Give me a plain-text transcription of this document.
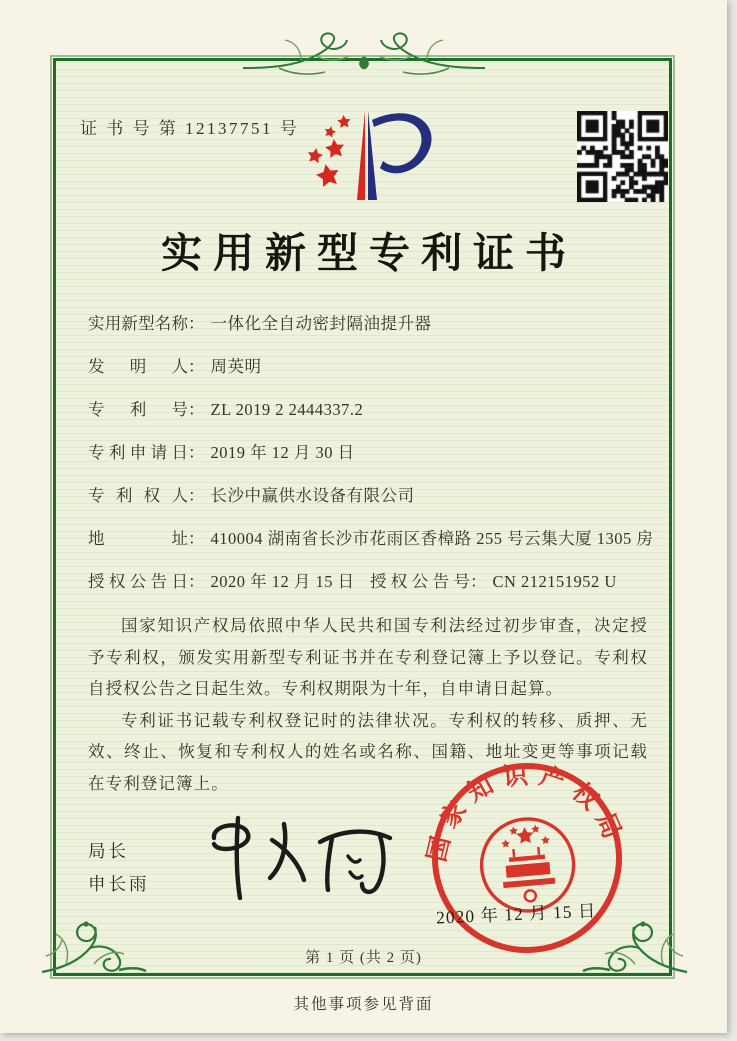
证 书 号 第 12137751 号
实用新型专利证书
实用新型名称： 一体化全自动密封隔油提升器
发明人： 周英明
专利号： ZL 2019 2 2444337.2
专利申请日： 2019 年 12 月 30 日
专利权人： 长沙中赢供水设备有限公司
地址： 410004 湖南省长沙市花雨区香樟路 255 号云集大厦 1305 房
授权公告日： 2020 年 12 月 15 日 授权公告号： CN 212151952 U

国家知识产权局依照中华人民共和国专利法经过初步审查，决定授予专利权，颁发实用新型专利证书并在专利登记簿上予以登记。专利权自授权公告之日起生效。专利权期限为十年，自申请日起算。

专利证书记载专利权登记时的法律状况。专利权的转移、质押、无效、终止、恢复和专利权人的姓名或名称、国籍、地址变更等事项记载在专利登记簿上。

局长
申长雨
国家知识产权局
2020 年 12 月 15 日
第 1 页 (共 2 页)
其他事项参见背面
